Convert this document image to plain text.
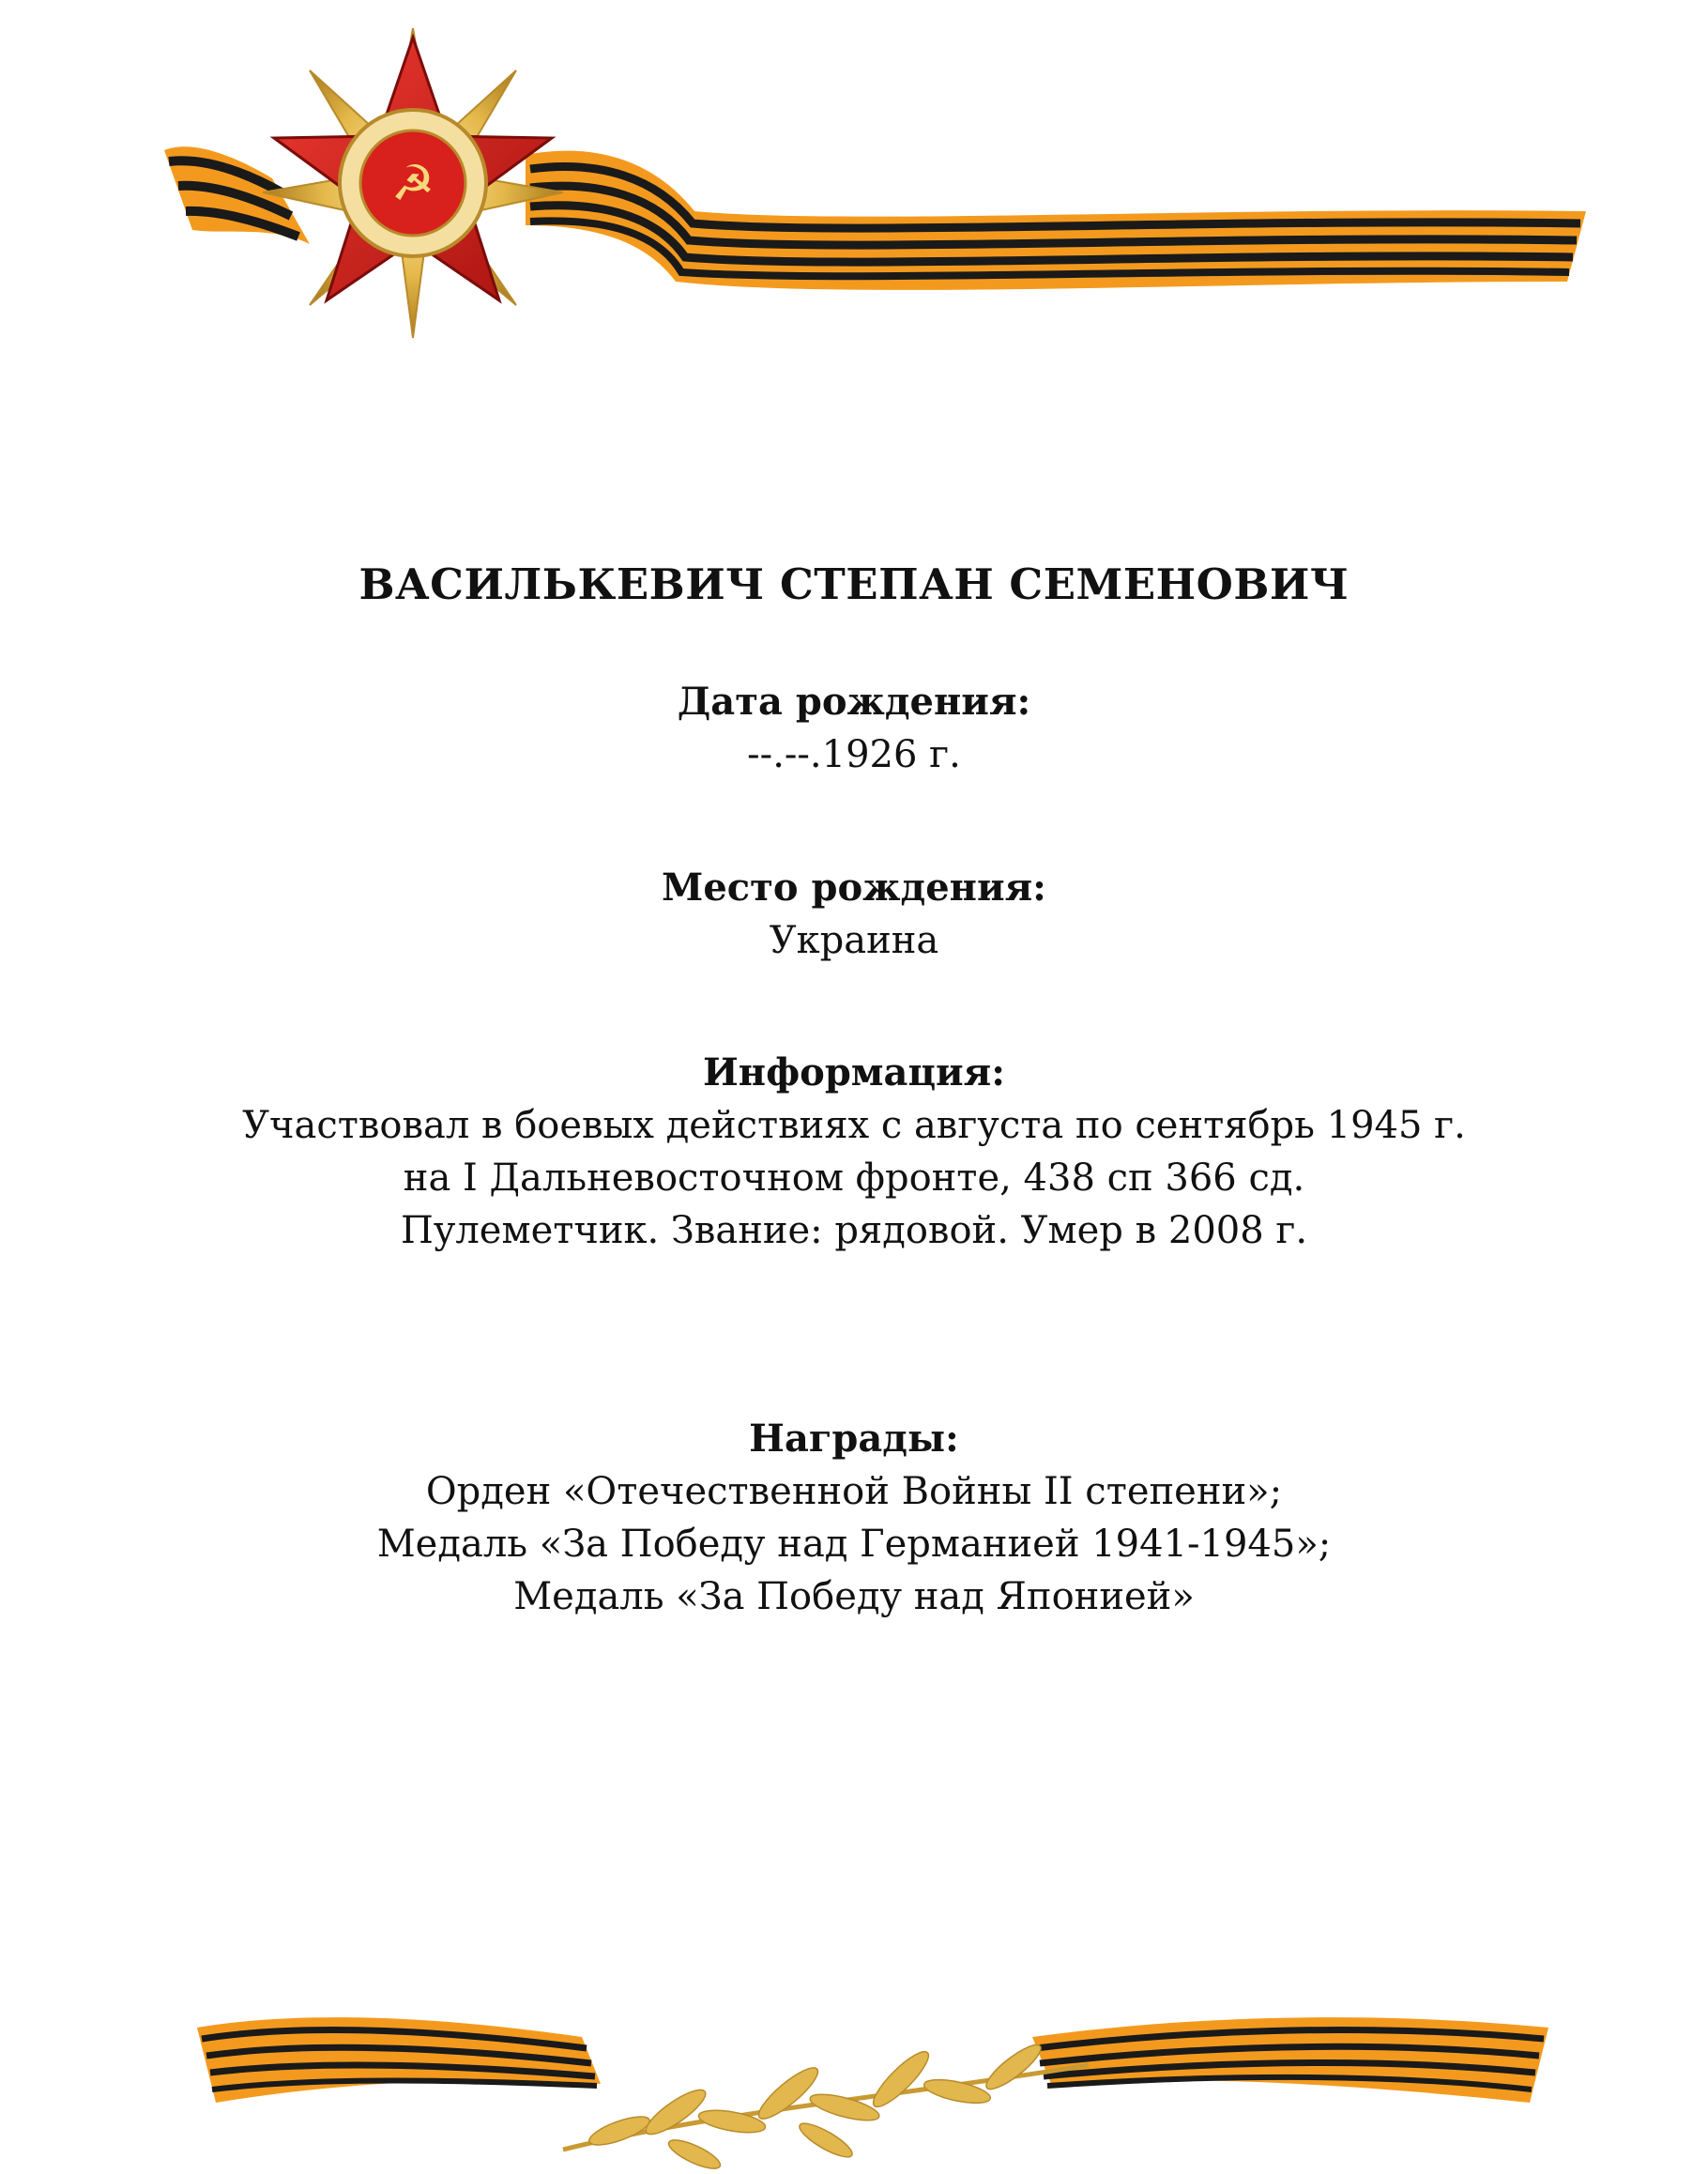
☭
ВАСИЛЬКЕВИЧ СТЕПАН СЕМЕНОВИЧ
Дата рождения:
--.--.1926 г.
Место рождения:
Украина
Информация:
Участвовал в боевых действиях с августа по сентябрь 1945 г.
на I Дальневосточном фронте, 438 сп 366 сд.
Пулеметчик. Звание: рядовой. Умер в 2008 г.
Награды:
Орден «Отечественной Войны II степени»;
Медаль «За Победу над Германией 1941-1945»;
Медаль «За Победу над Японией»
